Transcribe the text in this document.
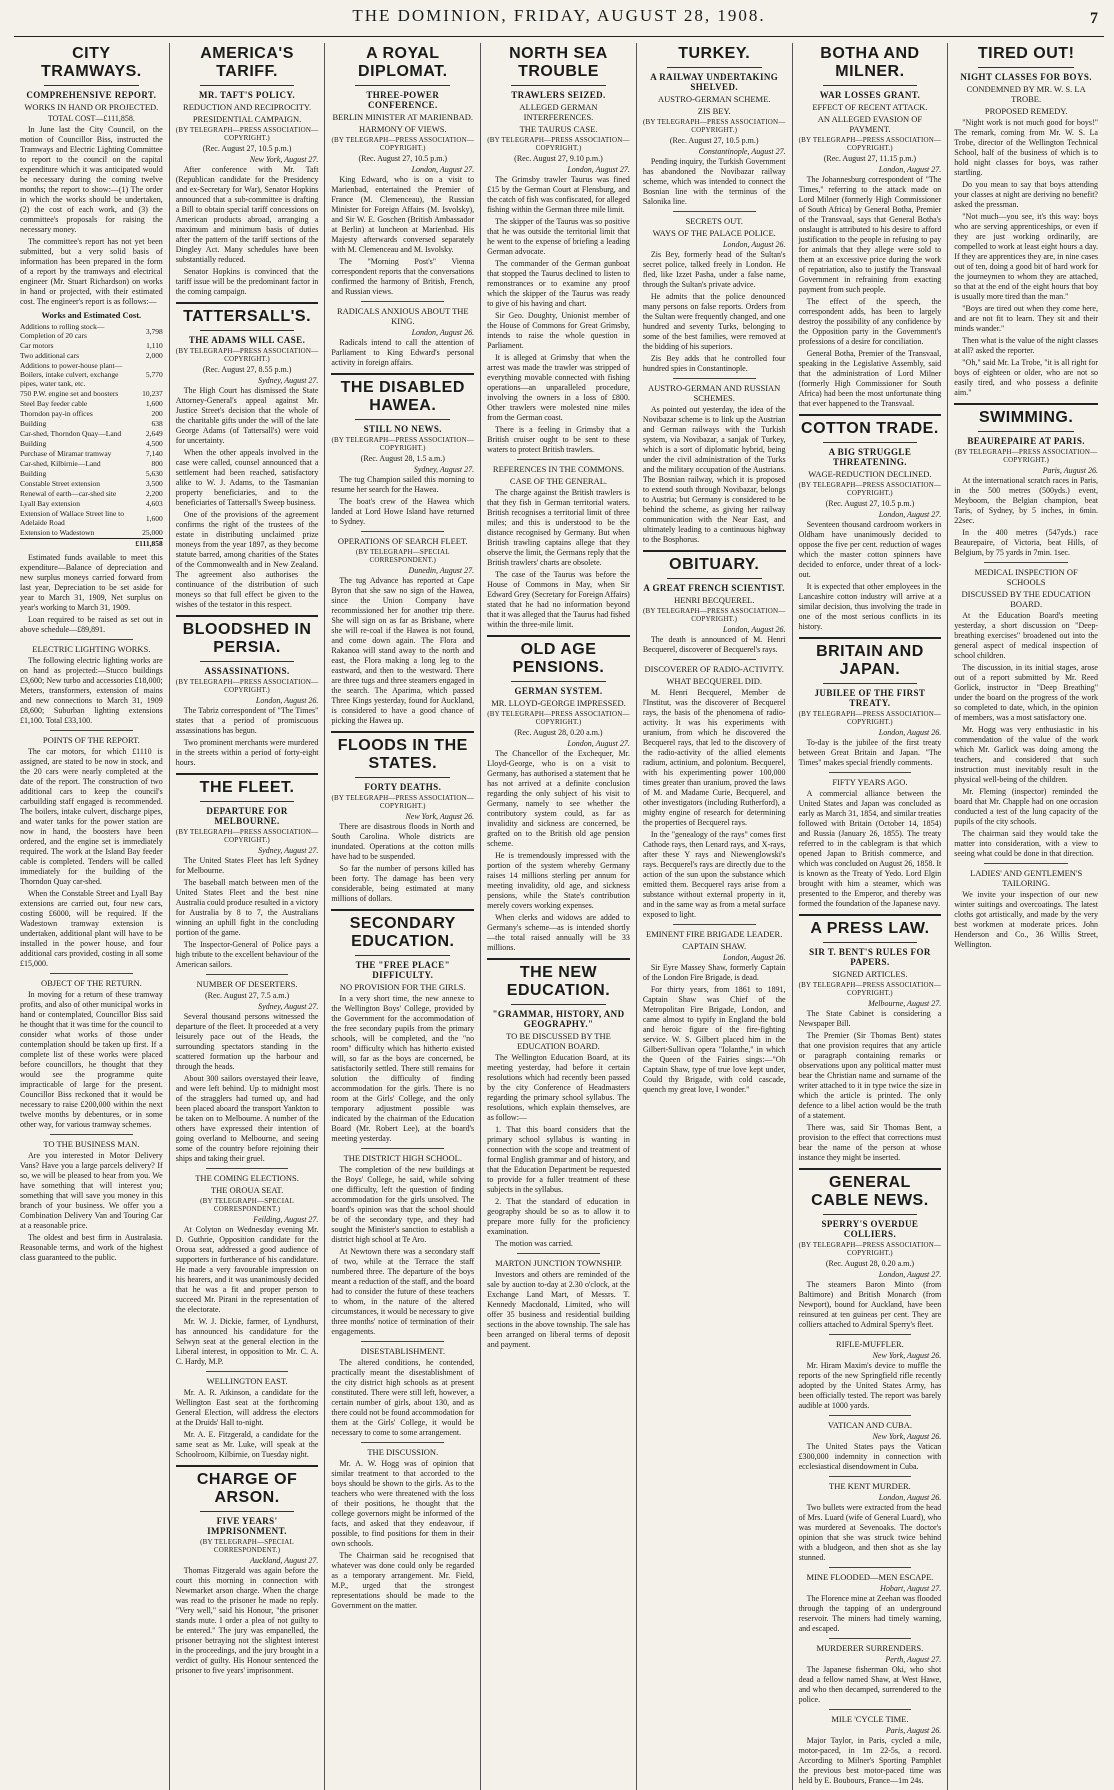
THE DOMINION, FRIDAY, AUGUST 28, 1908.	7
CITY TRAMWAYS.
COMPREHENSIVE REPORT.
WORKS IN HAND OR PROJECTED.
TOTAL COST—£111,858.

In June last the City Council, on the motion of Councillor Biss, instructed the Tramways and Electric Lighting Committee to report to the council on the capital expenditure which it was anticipated would be necessary during the coming twelve months; the report to show:—(1) The order in which the works should be undertaken, (2) the cost of each work, and (3) the committee's proposals for raising the necessary money.

The committee's report has not yet been submitted, but a very solid basis of information has been prepared in the form of a report by the tramways and electrical engineer (Mr. Stuart Richardson) on works in hand or projected, with their estimated cost. The engineer's report is as follows:—

Works and Estimated Cost.
Additions to rolling stock—Completion of 20 cars	3,798
Car motors	1,110
Two additional cars	2,000
Additions to power-house plant—Boilers, intake culvert, exchange pipes, water tank, etc.	5,770
750 P.W. engine set and boosters	10,237
Steel Bay feeder cable	1,600
Thorndon pay-in offices	200
Building	638
Car-shed, Thorndon Quay—Land	2,649
Building	4,500
Purchase of Miramar tramway	7,140
Car-shed, Kilbirnie—Land	800
Building	5,630
Constable Street extension	3,500
Renewal of earth—car-shed site	2,200
Lyall Bay extension	4,603
Extension of Wallace Street line to Adelaide Road	1,600
Extension to Wadestown	25,000
	£111,858

Estimated funds available to meet this expenditure—Balance of depreciation and new surplus moneys carried forward from last year, Depreciation to be set aside for year to March 31, 1909, Net surplus on year's working to March 31, 1909.

Loan required to be raised as set out in above schedule—£89,891.

ELECTRIC LIGHTING WORKS.

The following electric lighting works are on hand as projected:—Stucco buildings £3,600; New turbo and accessories £18,000; Meters, transformers, extension of mains and new connections to March 31, 1909 £8,600; Suburban lighting extensions £1,100. Total £33,100.

POINTS OF THE REPORT.

The car motors, for which £1110 is assigned, are stated to be now in stock, and the 20 cars were nearly completed at the date of the report. The construction of two additional cars to keep the council's carbuilding staff engaged is recommended. The boilers, intake culvert, discharge pipes, and water tanks for the power station are now in hand, the boosters have been ordered, and the engine set is immediately required. The work at the Island Bay feeder cable is completed. Tenders will be called immediately for the building of the Thorndon Quay car-shed.

When the Constable Street and Lyall Bay extensions are carried out, four new cars, costing £6000, will be required. If the Wadestown tramway extension is undertaken, additional plant will have to be installed in the power house, and four additional cars provided, costing in all some £15,000.

OBJECT OF THE RETURN.

In moving for a return of these tramway profits, and also of other municipal works in hand or contemplated, Councillor Biss said he thought that it was time for the council to consider what works of those under contemplation should be taken up first. If a complete list of these works were placed before councillors, he thought that they would see the programme quite impracticable of large for the present. Councillor Biss reckoned that it would be necessary to raise £200,000 within the next twelve months by debentures, or in some other way, for various tramway schemes.

TO THE BUSINESS MAN.

Are you interested in Motor Delivery Vans? Have you a large parcels delivery? If so, we will be pleased to hear from you. We have something that will interest you; something that will save you money in this branch of your business. We offer you a Combination Delivery Van and Touring Car at a reasonable price.

The oldest and best firm in Australasia. Reasonable terms, and work of the highest class guaranteed to the public.

AMERICA'S TARIFF.
MR. TAFT'S POLICY.
REDUCTION AND RECIPROCITY.
PRESIDENTIAL CAMPAIGN.
(BY TELEGRAPH—PRESS ASSOCIATION—COPYRIGHT.)
(Rec. August 27, 10.5 p.m.)
New York, August 27.

After conference with Mr. Taft (Republican candidate for the Presidency and ex-Secretary for War), Senator Hopkins announced that a sub-committee is drafting a Bill to obtain special tariff concessions on American products abroad, arranging a maximum and minimum basis of duties after the pattern of the tariff sections of the Dingley Act. Many schedules have been substantially reduced.

Senator Hopkins is convinced that the tariff issue will be the predominant factor in the coming campaign.

TATTERSALL'S.
THE ADAMS WILL CASE.
(BY TELEGRAPH—PRESS ASSOCIATION—COPYRIGHT.)
(Rec. August 27, 8.55 p.m.)
Sydney, August 27.

The High Court has dismissed the State Attorney-General's appeal against Mr. Justice Street's decision that the whole of the charitable gifts under the will of the late George Adams (of Tattersall's) were void for uncertainty.

When the other appeals involved in the case were called, counsel announced that a settlement had been reached, satisfactory alike to W. J. Adams, to the Tasmanian property beneficiaries, and to the beneficiaries of Tattersall's Sweep business.

One of the provisions of the agreement confirms the right of the trustees of the estate in distributing unclaimed prize moneys from the year 1897, as they become statute barred, among charities of the States of the Commonwealth and in New Zealand. The agreement also authorises the continuance of the distribution of such moneys so that full effect be given to the wishes of the testator in this respect.

BLOODSHED IN PERSIA.
ASSASSINATIONS.
(BY TELEGRAPH—PRESS ASSOCIATION—COPYRIGHT.)
London, August 26.

The Tabriz correspondent of "The Times" states that a period of promiscuous assassinations has begun.

Two prominent merchants were murdered in the streets within a period of forty-eight hours.

THE FLEET.
DEPARTURE FOR MELBOURNE.
(BY TELEGRAPH—PRESS ASSOCIATION—COPYRIGHT.)
Sydney, August 27.

The United States Fleet has left Sydney for Melbourne.

The baseball match between men of the United States Fleet and the best nine Australia could produce resulted in a victory for Australia by 8 to 7, the Australians winning an uphill fight in the concluding portion of the game.

The Inspector-General of Police pays a high tribute to the excellent behaviour of the American sailors.

NUMBER OF DESERTERS.
(Rec. August 27, 7.5 a.m.)
Sydney, August 27.

Several thousand persons witnessed the departure of the fleet. It proceeded at a very leisurely pace out of the Heads, the surrounding spectators standing in the scattered formation up the harbour and through the heads.

About 300 sailors overstayed their leave, and were left behind. Up to midnight most of the stragglers had turned up, and had been placed aboard the transport Yankton to be taken on to Melbourne. A number of the others have expressed their intention of going overland to Melbourne, and seeing some of the country before rejoining their ships and taking their gruel.

THE COMING ELECTIONS.
THE OROUA SEAT.
(BY TELEGRAPH—SPECIAL CORRESPONDENT.)
Feilding, August 27.

At Colyton on Wednesday evening Mr. D. Guthrie, Opposition candidate for the Oroua seat, addressed a good audience of supporters in furtherance of his candidature. He made a very favourable impression on his hearers, and it was unanimously decided that he was a fit and proper person to succeed Mr. Pirani in the representation of the electorate.

Mr. W. J. Dickie, farmer, of Lyndhurst, has announced his candidature for the Selwyn seat at the general election in the Liberal interest, in opposition to Mr. C. A. C. Hardy, M.P.

WELLINGTON EAST.

Mr. A. R. Atkinson, a candidate for the Wellington East seat at the forthcoming General Election, will address the electors at the Druids' Hall to-night.

Mr. A. E. Fitzgerald, a candidate for the same seat as Mr. Luke, will speak at the Schoolroom, Kilbirnie, on Tuesday night.

CHARGE OF ARSON.
FIVE YEARS' IMPRISONMENT.
(BY TELEGRAPH—SPECIAL CORRESPONDENT.)
Auckland, August 27.

Thomas Fitzgerald was again before the court this morning in connection with Newmarket arson charge. When the charge was read to the prisoner he made no reply. "Very well," said his Honour, "the prisoner stands mute. I order a plea of not guilty to be entered." The jury was empanelled, the prisoner betraying not the slightest interest in the proceedings, and the jury brought in a verdict of guilty. His Honour sentenced the prisoner to five years' imprisonment.

A ROYAL DIPLOMAT.
THREE-POWER CONFERENCE.
BERLIN MINISTER AT MARIENBAD.
HARMONY OF VIEWS.
(BY TELEGRAPH—PRESS ASSOCIATION—COPYRIGHT.)
(Rec. August 27, 10.5 p.m.)
London, August 27.

King Edward, who is on a visit to Marienbad, entertained the Premier of France (M. Clemenceau), the Russian Minister for Foreign Affairs (M. Isvolsky), and Sir W. E. Goschen (British Ambassador at Berlin) at luncheon at Marienbad. His Majesty afterwards conversed separately with M. Clemenceau and M. Isvolsky.

The "Morning Post's" Vienna correspondent reports that the conversations confirmed the harmony of British, French, and Russian views.

RADICALS ANXIOUS ABOUT THE KING.
London, August 26.

Radicals intend to call the attention of Parliament to King Edward's personal activity in foreign affairs.

THE DISABLED HAWEA.
STILL NO NEWS.
(BY TELEGRAPH—PRESS ASSOCIATION—COPYRIGHT.)
(Rec. August 28, 1.5 a.m.)
Sydney, August 27.

The tug Champion sailed this morning to resume her search for the Hawea.

The boat's crew of the Hawea which landed at Lord Howe Island have returned to Sydney.

OPERATIONS OF SEARCH FLEET.
(BY TELEGRAPH—SPECIAL CORRESPONDENT.)
Dunedin, August 27.

The tug Advance has reported at Cape Byron that she saw no sign of the Hawea, since the Union Company have recommissioned her for another trip there. She will sign on as far as Brisbane, where she will re-coal if the Hawea is not found, and come down again. The Flora and Rakanoa will stand away to the north and east, the Flora making a long leg to the eastward, and then to the westward. There are three tugs and three steamers engaged in the search. The Aparima, which passed Three Kings yesterday, found for Auckland, is considered to have a good chance of picking the Hawea up.

FLOODS IN THE STATES.
FORTY DEATHS.
(BY TELEGRAPH—PRESS ASSOCIATION—COPYRIGHT.)
New York, August 26.

There are disastrous floods in North and South Carolina. Whole districts are inundated. Operations at the cotton mills have had to be suspended.

So far the number of persons killed has been forty. The damage has been very considerable, being estimated at many millions of dollars.

SECONDARY EDUCATION.
THE "FREE PLACE" DIFFICULTY.
NO PROVISION FOR THE GIRLS.

In a very short time, the new annexe to the Wellington Boys' College, provided by the Government for the accommodation of the free secondary pupils from the primary schools, will be completed, and the "no room" difficulty which has hitherto existed will, so far as the boys are concerned, be satisfactorily settled. There still remains for solution the difficulty of finding accommodation for the girls. There is no room at the Girls' College, and the only temporary adjustment possible was indicated by the chairman of the Education Board (Mr. Robert Lee), at the board's meeting yesterday.

THE DISTRICT HIGH SCHOOL.

The completion of the new buildings at the Boys' College, he said, while solving one difficulty, left the question of finding accommodation for the girls unsolved. The board's opinion was that the school should be of the secondary type, and they had sought the Minister's sanction to establish a district high school at Te Aro.

At Newtown there was a secondary staff of two, while at the Terrace the staff numbered three. The departure of the boys meant a reduction of the staff, and the board had to consider the future of these teachers to whom, in the nature of the altered circumstances, it would be necessary to give three months' notice of termination of their engagements.

DISESTABLISHMENT.

The altered conditions, he contended, practically meant the disestablishment of the city district high schools as at present constituted. There were still left, however, a certain number of girls, about 130, and as there could not be found accommodation for them at the Girls' College, it would be necessary to come to some arrangement.

THE DISCUSSION.

Mr. A. W. Hogg was of opinion that similar treatment to that accorded to the boys should be shown to the girls. As to the teachers who were threatened with the loss of their positions, he thought that the college governors might be informed of the facts, and asked that they endeavour, if possible, to find positions for them in their own schools.

The Chairman said he recognised that whatever was done could only be regarded as a temporary arrangement. Mr. Field, M.P., urged that the strongest representations should be made to the Government on the matter.

NORTH SEA TROUBLE
TRAWLERS SEIZED.
ALLEGED GERMAN INTERFERENCES.
THE TAURUS CASE.
(BY TELEGRAPH—PRESS ASSOCIATION—COPYRIGHT.)
(Rec. August 27, 9.10 p.m.)
London, August 27.

The Grimsby trawler Taurus was fined £15 by the German Court at Flensburg, and the catch of fish was confiscated, for alleged fishing within the German three mile limit.

The skipper of the Taurus was so positive that he was outside the territorial limit that he went to the expense of briefing a leading German advocate.

The commander of the German gunboat that stopped the Taurus declined to listen to remonstrances or to examine any proof which the skipper of the Taurus was ready to give of his having and chart.

Sir Geo. Doughty, Unionist member of the House of Commons for Great Grimsby, intends to raise the whole question in Parliament.

It is alleged at Grimsby that when the arrest was made the trawler was stripped of everything movable connected with fishing operations—an unparalleled procedure, involving the owners in a loss of £800. Other trawlers were molested nine miles from the German coast.

There is a feeling in Grimsby that a British cruiser ought to be sent to these waters to protect British trawlers.

REFERENCES IN THE COMMONS.
CASE OF THE GENERAL.

The charge against the British trawlers is that they fish in German territorial waters. British recognises a territorial limit of three miles; and this is understood to be the distance recognised by Germany. But when British trawling captains allege that they observe the limit, the Germans reply that the British trawlers' charts are obsolete.

The case of the Taurus was before the House of Commons in May, when Sir Edward Grey (Secretary for Foreign Affairs) stated that he had no information beyond that it was alleged that the Taurus had fished within the three-mile limit.

OLD AGE PENSIONS.
GERMAN SYSTEM.
MR. LLOYD-GEORGE IMPRESSED.
(BY TELEGRAPH—PRESS ASSOCIATION—COPYRIGHT.)
(Rec. August 28, 0.20 a.m.)
London, August 27.

The Chancellor of the Exchequer, Mr. Lloyd-George, who is on a visit to Germany, has authorised a statement that he has not arrived at a definite conclusion regarding the only subject of his visit to Germany, namely to see whether the contributory system could, as far as invalidity and sickness are concerned, be grafted on to the British old age pension scheme.

He is tremendously impressed with the portion of the system whereby Germany raises 14 millions sterling per annum for meeting invalidity, old age, and sickness pensions, while the State's contribution merely covers working expenses.

When clerks and widows are added to Germany's scheme—as is intended shortly—the total raised annually will be 33 millions.

THE NEW EDUCATION.
"GRAMMAR, HISTORY, AND GEOGRAPHY."
TO BE DISCUSSED BY THE EDUCATION BOARD.

The Wellington Education Board, at its meeting yesterday, had before it certain resolutions which had recently been passed by the city Conference of Headmasters regarding the primary school syllabus. The resolutions, which explain themselves, are as follow:—

1. That this board considers that the primary school syllabus is wanting in connection with the scope and treatment of formal English grammar and of history, and that the Education Department be requested to provide for a fuller treatment of these subjects in the syllabus.

2. That the standard of education in geography should be so as to allow it to prepare more fully for the proficiency examination.

The motion was carried.

MARTON JUNCTION TOWNSHIP.

Investors and others are reminded of the sale by auction to-day at 2.30 o'clock, at the Exchange Land Mart, of Messrs. T. Kennedy Macdonald, Limited, who will offer 35 business and residential building sections in the above township. The sale has been arranged on liberal terms of deposit and payment.

TURKEY.
A RAILWAY UNDERTAKING SHELVED.
AUSTRO-GERMAN SCHEME.
ZIS BEY.
(BY TELEGRAPH—PRESS ASSOCIATION—COPYRIGHT.)
(Rec. August 27, 10.5 p.m.)
Constantinople, August 27.

Pending inquiry, the Turkish Government has abandoned the Novibazar railway scheme, which was intended to connect the Bosnian line with the terminus of the Salonika line.

SECRETS OUT.
WAYS OF THE PALACE POLICE.
London, August 26.

Zis Bey, formerly head of the Sultan's secret police, talked freely in London. He fled, like Izzet Pasha, under a false name, through the Sultan's private advice.

He admits that the police denounced many persons on false reports. Orders from the Sultan were frequently changed, and one hundred and seventy Turks, belonging to some of the best families, were removed at the bidding of his superiors.

Zis Bey adds that he controlled four hundred spies in Constantinople.

AUSTRO-GERMAN AND RUSSIAN SCHEMES.

As pointed out yesterday, the idea of the Novibazar scheme is to link up the Austrian and German railways with the Turkish system, via Novibazar, a sanjak of Turkey, which is a sort of diplomatic hybrid, being under the civil administration of the Turks and the military occupation of the Austrians. The Bosnian railway, which it is proposed to extend south through Novibazar, belongs to Austria; but Germany is considered to be behind the scheme, as giving her railway communication with the Near East, and ultimately leading to a continuous highway to the Bosphorus.

OBITUARY.
A GREAT FRENCH SCIENTIST.
HENRI BECQUEREL.
(BY TELEGRAPH—PRESS ASSOCIATION—COPYRIGHT.)
London, August 26.

The death is announced of M. Henri Becquerel, discoverer of Becquerel's rays.

DISCOVERER OF RADIO-ACTIVITY.
WHAT BECQUEREL DID.

M. Henri Becquerel, Member de l'Institut, was the discoverer of Becquerel rays, the basis of the phenomena of radio-activity. It was his experiments with uranium, from which he discovered the Becquerel rays, that led to the discovery of the radio-activity of the allied elements radium, actinium, and polonium. Becquerel, with his experimenting power 100,000 times greater than uranium, proved the laws of M. and Madame Curie, Becquerel, and other investigators (including Rutherford), a mighty engine of research for determining the properties of Becquerel rays.

In the "genealogy of the rays" comes first Cathode rays, then Lenard rays, and X-rays, after these Y rays and Niewenglowski's rays. Becquerel's rays are directly due to the action of the sun upon the substance which emitted them. Becquerel rays arise from a substance without external property in it, and in the same way as from a metal surface exposed to light.

EMINENT FIRE BRIGADE LEADER.
CAPTAIN SHAW.
London, August 26.

Sir Eyre Massey Shaw, formerly Captain of the London Fire Brigade, is dead.

For thirty years, from 1861 to 1891, Captain Shaw was Chief of the Metropolitan Fire Brigade, London, and came almost to typify in England the bold and heroic figure of the fire-fighting service. W. S. Gilbert placed him in the Gilbert-Sullivan opera "Iolanthe," in which the Queen of the Fairies sings:—"Oh Captain Shaw, type of true love kept under, Could thy Brigade, with cold cascade, quench my great love, I wonder."

BOTHA AND MILNER.
WAR LOSSES GRANT.
EFFECT OF RECENT ATTACK.
AN ALLEGED EVASION OF PAYMENT.
(BY TELEGRAPH—PRESS ASSOCIATION—COPYRIGHT.)
(Rec. August 27, 11.15 p.m.)
London, August 27.

The Johannesburg correspondent of "The Times," referring to the attack made on Lord Milner (formerly High Commissioner of South Africa) by General Botha, Premier of the Transvaal, says that General Botha's onslaught is attributed to his desire to afford justification to the people in refusing to pay for animals that they allege were sold to them at an excessive price during the work of repatriation, also to justify the Transvaal Government in refraining from exacting payment from such people.

The effect of the speech, the correspondent adds, has been to largely destroy the possibility of any confidence by the Opposition party in the Government's professions of a desire for conciliation.

General Botha, Premier of the Transvaal, speaking in the Legislative Assembly, said that the administration of Lord Milner (formerly High Commissioner for South Africa) had been the most unfortunate thing that ever happened to the Transvaal.

COTTON TRADE.
A BIG STRUGGLE THREATENING.
WAGE-REDUCTION DECLINED.
(BY TELEGRAPH—PRESS ASSOCIATION—COPYRIGHT.)
(Rec. August 27, 10.5 p.m.)
London, August 27.

Seventeen thousand cardroom workers in Oldham have unanimously decided to oppose the five per cent. reduction of wages which the master cotton spinners have decided to enforce, under threat of a lock-out.

It is expected that other employees in the Lancashire cotton industry will arrive at a similar decision, thus involving the trade in one of the most serious conflicts in its history.

BRITAIN AND JAPAN.
JUBILEE OF THE FIRST TREATY.
(BY TELEGRAPH—PRESS ASSOCIATION—COPYRIGHT.)
London, August 26.

To-day is the jubilee of the first treaty between Great Britain and Japan. "The Times" makes special friendly comments.

FIFTY YEARS AGO.

A commercial alliance between the United States and Japan was concluded as early as March 31, 1854, and similar treaties followed with Britain (October 14, 1854) and Russia (January 26, 1855). The treaty referred to in the cablegram is that which opened Japan to British commerce, and which was concluded on August 26, 1858. It is known as the Treaty of Yedo. Lord Elgin brought with him a steamer, which was presented to the Emperor, and thereby was formed the foundation of the Japanese navy.

A PRESS LAW.
SIR T. BENT'S RULES FOR PAPERS.
SIGNED ARTICLES.
(BY TELEGRAPH—PRESS ASSOCIATION—COPYRIGHT.)
Melbourne, August 27.

The State Cabinet is considering a Newspaper Bill.

The Premier (Sir Thomas Bent) states that one provision requires that any article or paragraph containing remarks or observations upon any political matter must bear the Christian name and surname of the writer attached to it in type twice the size in which the article is printed. The only defence to a libel action would be the truth of a statement.

There was, said Sir Thomas Bent, a provision to the effect that corrections must bear the name of the person at whose instance they might be inserted.

GENERAL CABLE NEWS.
SPERRY'S OVERDUE COLLIERS.
(BY TELEGRAPH—PRESS ASSOCIATION—COPYRIGHT.)
(Rec. August 28, 0.20 a.m.)
London, August 27.

The steamers Baron Minto (from Baltimore) and British Monarch (from Newport), bound for Auckland, have been reinsured at ten guineas per cent. They are colliers attached to Admiral Sperry's fleet.

RIFLE-MUFFLER.
New York, August 26.

Mr. Hiram Maxim's device to muffle the reports of the new Springfield rifle recently adopted by the United States Army, has been officially tested. The report was barely audible at 1000 yards.

VATICAN AND CUBA.
New York, August 26.

The United States pays the Vatican £300,000 indemnity in connection with ecclesiastical disendowment in Cuba.

THE KENT MURDER.
London, August 26.

Two bullets were extracted from the head of Mrs. Luard (wife of General Luard), who was murdered at Sevenoaks. The doctor's opinion that she was struck twice behind with a bludgeon, and then shot as she lay stunned.

MINE FLOODED—MEN ESCAPE.
Hobart, August 27.

The Florence mine at Zeehan was flooded through the tapping of an underground reservoir. The miners had timely warning, and escaped.

MURDERER SURRENDERS.
Perth, August 27.

The Japanese fisherman Oki, who shot dead a fellow named Shaw, at West Hawe, and who then decamped, surrendered to the police.

MILE 'CYCLE TIME.
Paris, August 26.

Major Taylor, in Paris, cycled a mile, motor-paced, in 1m 22-5s, a record. According to Milner's Sporting Pamphlet the previous best motor-paced time was held by E. Boubours, France—1m 24s.

TIRED OUT!
NIGHT CLASSES FOR BOYS.
CONDEMNED BY MR. W. S. LA TROBE.
PROPOSED REMEDY.

"Night work is not much good for boys!" The remark, coming from Mr. W. S. La Trobe, director of the Wellington Technical School, half of the business of which is to hold night classes for boys, was rather startling.

Do you mean to say that boys attending your classes at night are deriving no benefit? asked the pressman.

"Not much—you see, it's this way: boys who are serving apprenticeships, or even if they are just working ordinarily, are compelled to work at least eight hours a day. If they are apprentices they are, in nine cases out of ten, doing a good bit of hard work for the journeymen to whom they are attached, so that at the end of the eight hours that boy is usually more tired than the man."

"Boys are tired out when they come here, and are not fit to learn. They sit and their minds wander."

Then what is the value of the night classes at all? asked the reporter.

"Oh," said Mr. La Trobe, "it is all right for boys of eighteen or older, who are not so easily tired, and who possess a definite aim."

SWIMMING.
BEAUREPAIRE AT PARIS.
(BY TELEGRAPH—PRESS ASSOCIATION—COPYRIGHT.)
Paris, August 26.

At the international scratch races in Paris, in the 500 metres (500yds.) event, Meyboom, the Belgian champion, beat Taris, of Sydney, by 5 inches, in 6min. 22sec.

In the 400 metres (547yds.) race Beaurepaire, of Victoria, beat Hills, of Belgium, by 75 yards in 7min. 1sec.

MEDICAL INSPECTION OF SCHOOLS
DISCUSSED BY THE EDUCATION BOARD.

At the Education Board's meeting yesterday, a short discussion on "Deep-breathing exercises" broadened out into the general aspect of medical inspection of school children.

The discussion, in its initial stages, arose out of a report submitted by Mr. Reed Gorlick, instructor in "Deep Breathing" under the board on the progress of the work so completed to date, which, in the opinion of members, was a most satisfactory one.

Mr. Hogg was very enthusiastic in his commendation of the value of the work which Mr. Garlick was doing among the teachers, and considered that such instruction must inevitably result in the physical well-being of the children.

Mr. Fleming (inspector) reminded the board that Mr. Chapple had on one occasion conducted a test of the lung capacity of the pupils of the city schools.

The chairman said they would take the matter into consideration, with a view to seeing what could be done in that direction.

LADIES' AND GENTLEMEN'S TAILORING.

We invite your inspection of our new winter suitings and overcoatings. The latest cloths got artistically, and made by the very best workmen at moderate prices. John Henderson and Co., 36 Willis Street, Wellington.
